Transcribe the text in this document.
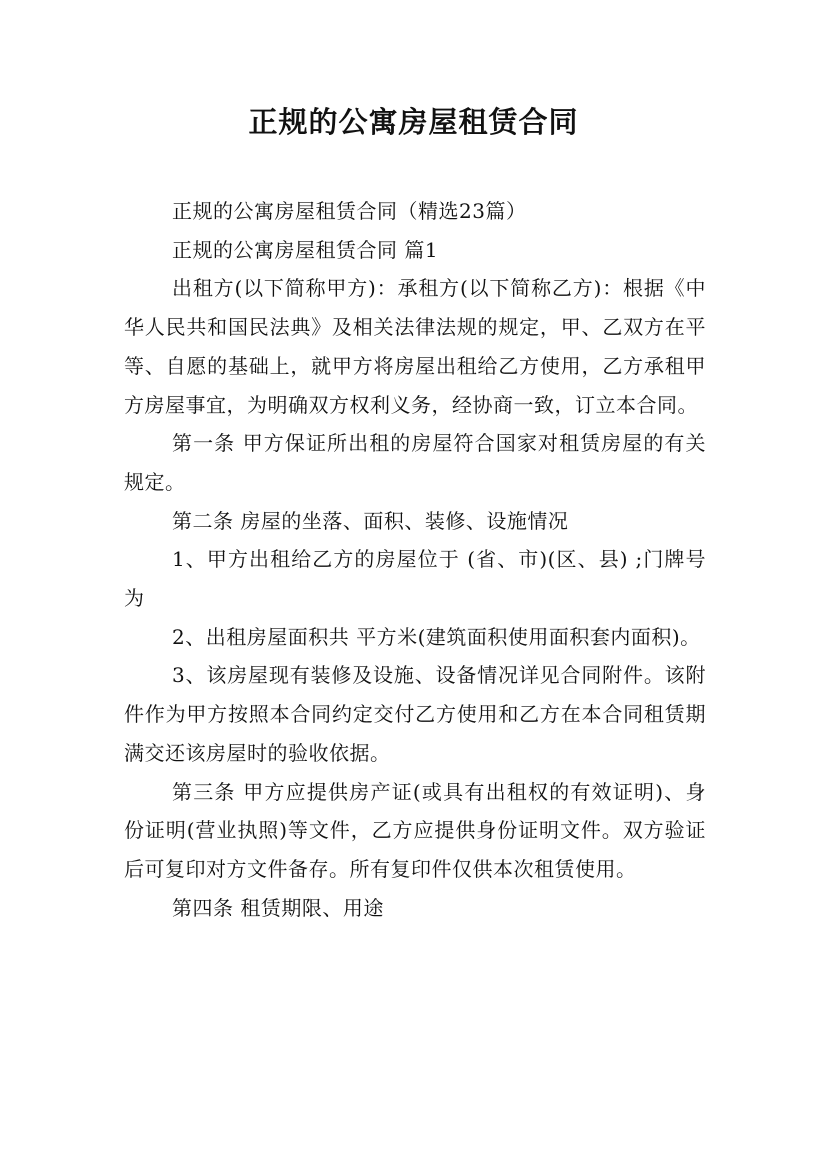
正规的公寓房屋租赁合同

正规的公寓房屋租赁合同（精选23篇）

正规的公寓房屋租赁合同 篇1

出租方(以下简称甲方)：承租方(以下简称乙方)：根据《中华人民共和国民法典》及相关法律法规的规定，甲、乙双方在平等、自愿的基础上，就甲方将房屋出租给乙方使用，乙方承租甲方房屋事宜，为明确双方权利义务，经协商一致，订立本合同。

第一条 甲方保证所出租的房屋符合国家对租赁房屋的有关规定。

第二条 房屋的坐落、面积、装修、设施情况

1、甲方出租给乙方的房屋位于 (省、市)(区、县) ;门牌号为

2、出租房屋面积共 平方米(建筑面积使用面积套内面积)。

3、该房屋现有装修及设施、设备情况详见合同附件。该附件作为甲方按照本合同约定交付乙方使用和乙方在本合同租赁期满交还该房屋时的验收依据。

第三条 甲方应提供房产证(或具有出租权的有效证明)、身份证明(营业执照)等文件，乙方应提供身份证明文件。双方验证后可复印对方文件备存。所有复印件仅供本次租赁使用。

第四条 租赁期限、用途
